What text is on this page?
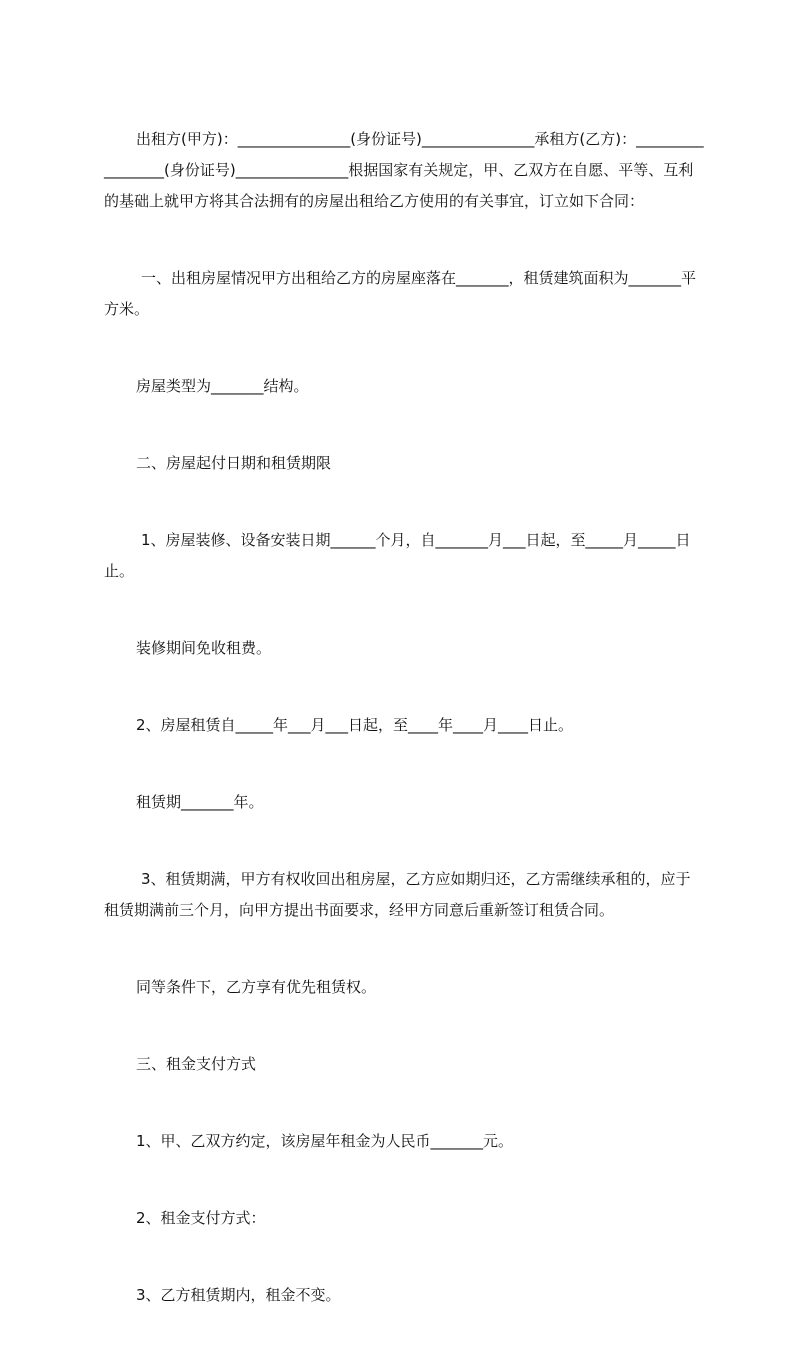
出租方(甲方)：_______________(身份证号)_______________承租方(乙方)：_________________(身份证号)_______________根据国家有关规定，甲、乙双方在自愿、平等、互利的基础上就甲方将其合法拥有的房屋出租给乙方使用的有关事宜，订立如下合同：

一、出租房屋情况甲方出租给乙方的房屋座落在_______，租赁建筑面积为_______平方米。

房屋类型为_______结构。

二、房屋起付日期和租赁期限

1、房屋装修、设备安装日期______个月，自_______月___日起，至_____月_____日止。

装修期间免收租费。

2、房屋租赁自_____年___月___日起，至____年____月____日止。

租赁期_______年。

3、租赁期满，甲方有权收回出租房屋，乙方应如期归还，乙方需继续承租的，应于租赁期满前三个月，向甲方提出书面要求，经甲方同意后重新签订租赁合同。

同等条件下，乙方享有优先租赁权。

三、租金支付方式

1、甲、乙双方约定，该房屋年租金为人民币_______元。

2、租金支付方式：

3、乙方租赁期内，租金不变。
